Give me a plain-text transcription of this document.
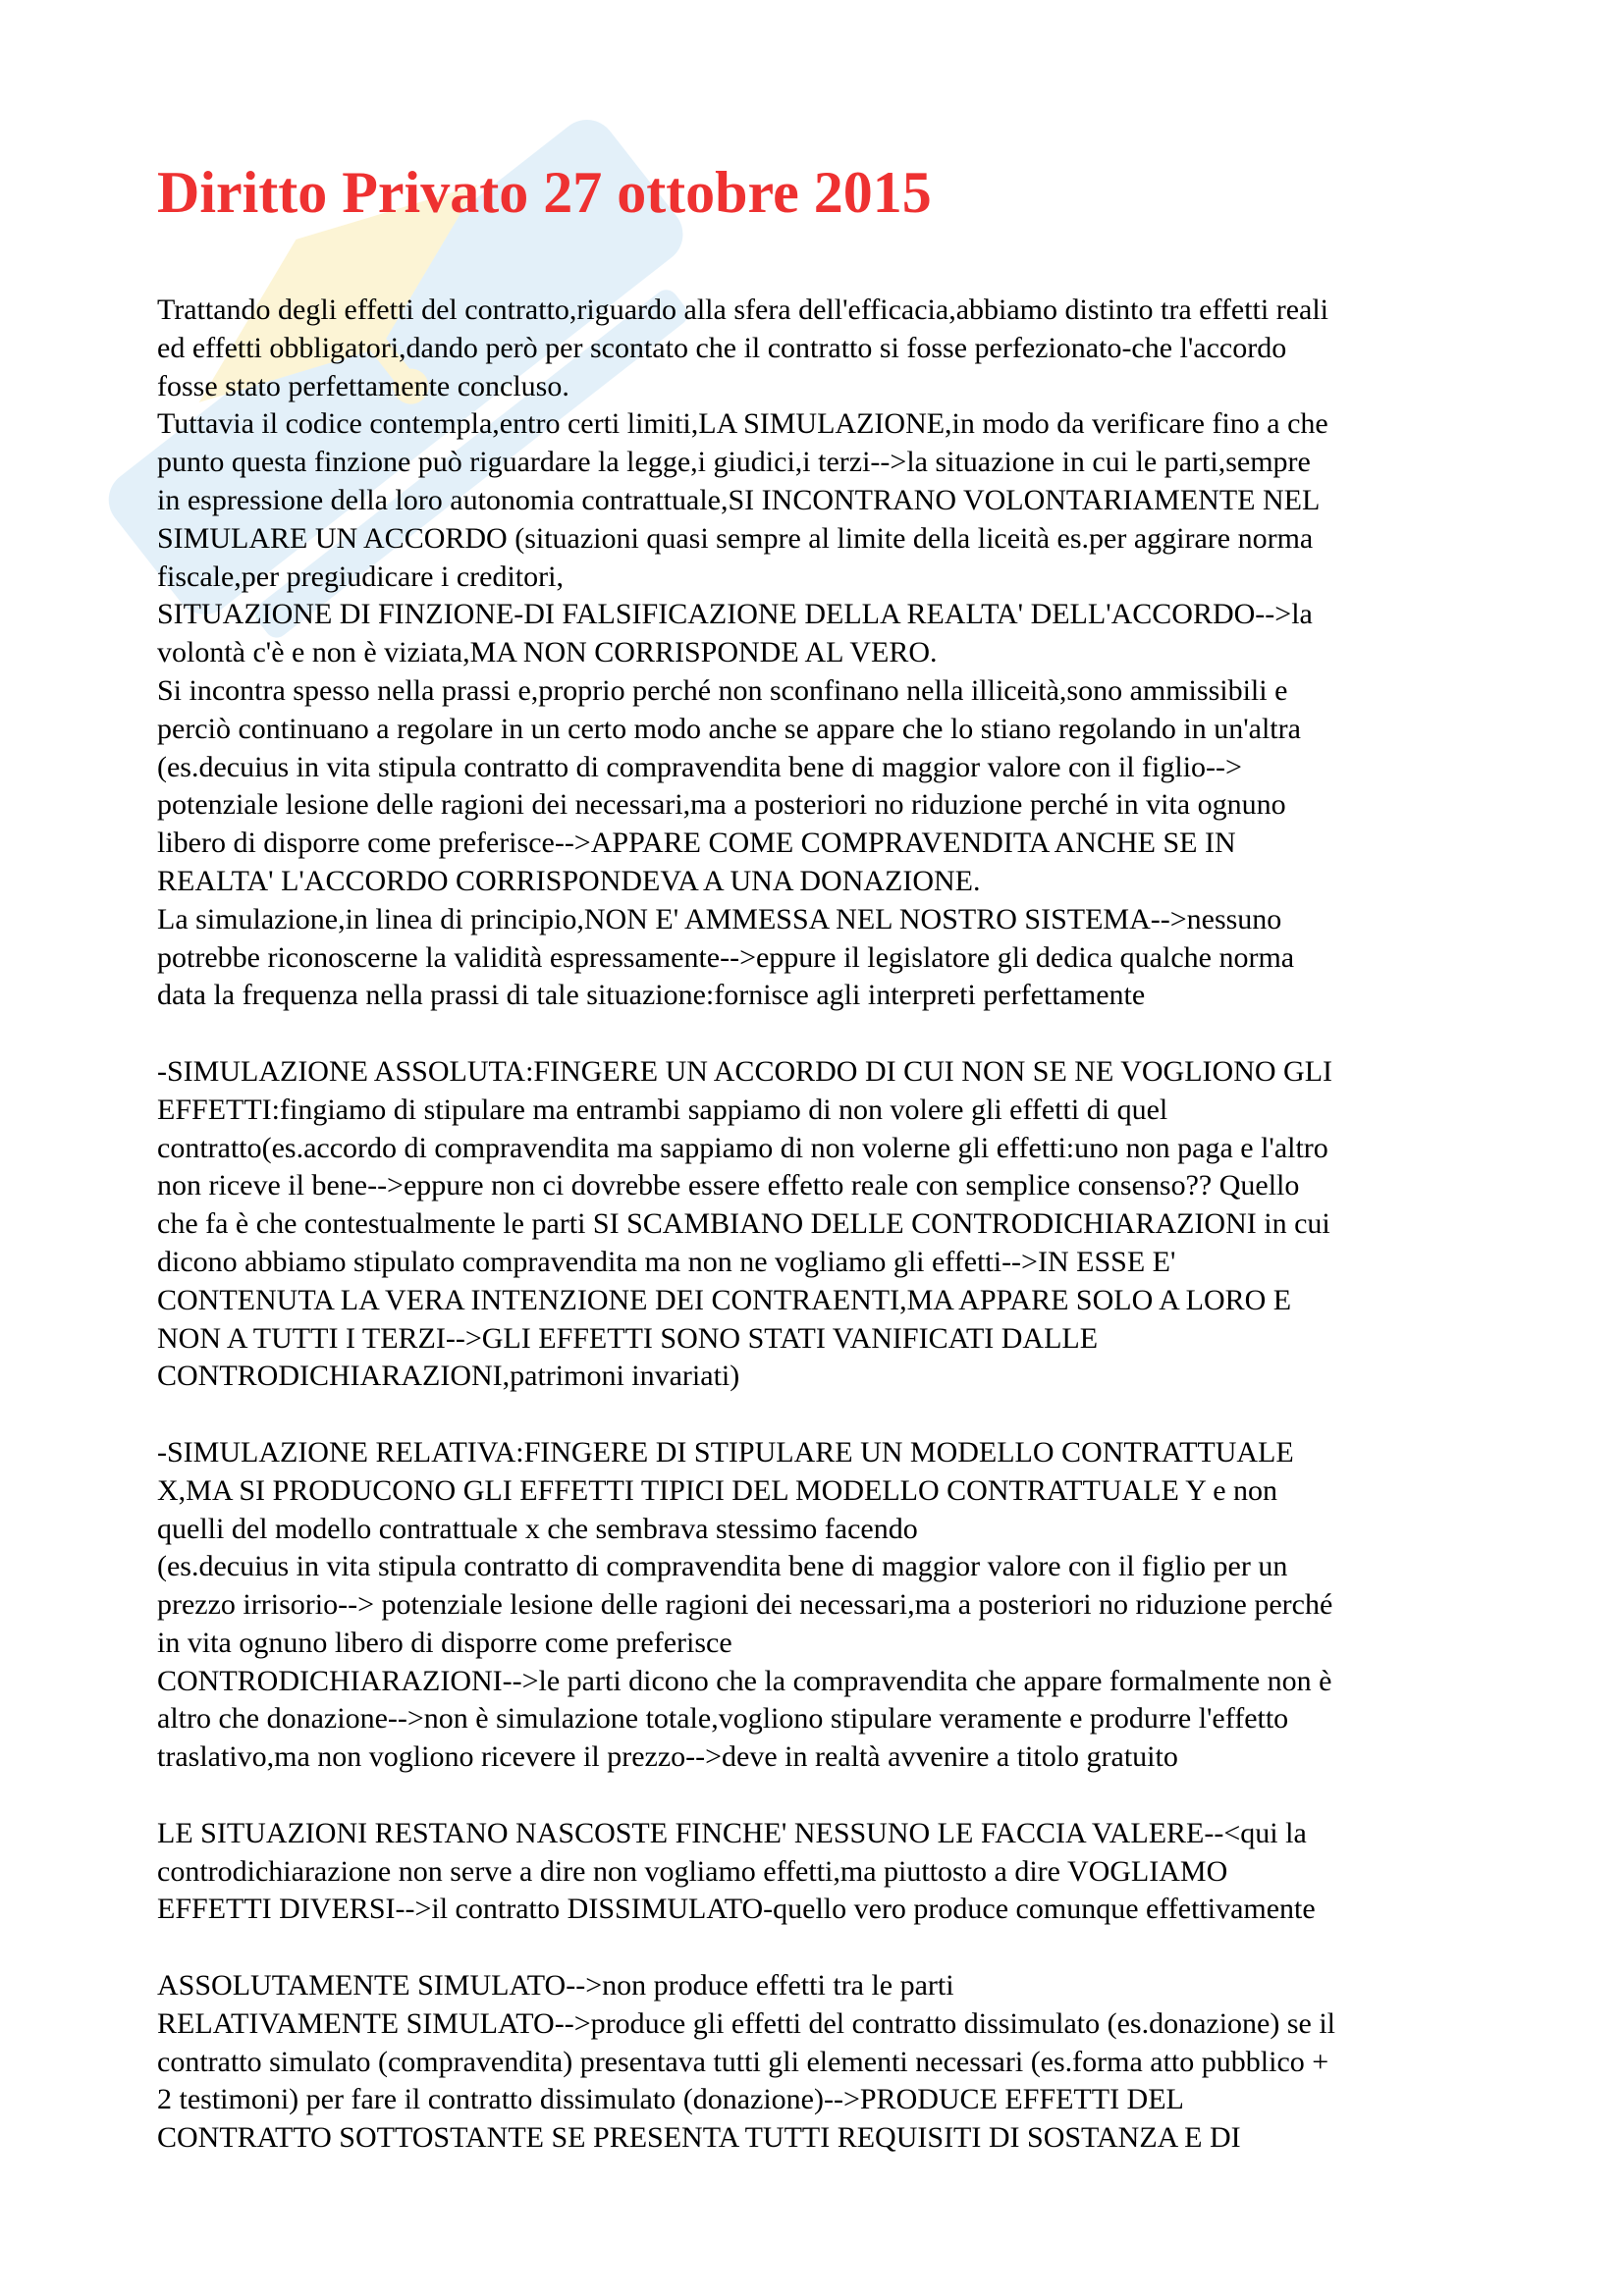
Diritto Privato 27 ottobre 2015
Trattando degli effetti del contratto,riguardo alla sfera dell'efficacia,abbiamo distinto tra effetti reali
ed effetti obbligatori,dando però per scontato che il contratto si fosse perfezionato-che l'accordo
fosse stato perfettamente concluso.
Tuttavia il codice contempla,entro certi limiti,LA SIMULAZIONE,in modo da verificare fino a che
punto questa finzione può riguardare la legge,i giudici,i terzi-->la situazione in cui le parti,sempre
in espressione della loro autonomia contrattuale,SI INCONTRANO VOLONTARIAMENTE NEL
SIMULARE UN ACCORDO (situazioni quasi sempre al limite della liceità es.per aggirare norma
fiscale,per pregiudicare i creditori,
SITUAZIONE DI FINZIONE-DI FALSIFICAZIONE DELLA REALTA' DELL'ACCORDO-->la
volontà c'è e non è viziata,MA NON CORRISPONDE AL VERO.
Si incontra spesso nella prassi e,proprio perché non sconfinano nella illiceità,sono ammissibili e
perciò continuano a regolare in un certo modo anche se appare che lo stiano regolando in un'altra
(es.decuius in vita stipula contratto di compravendita bene di maggior valore con il figlio-->
potenziale lesione delle ragioni dei necessari,ma a posteriori no riduzione perché in vita ognuno
libero di disporre come preferisce-->APPARE COME COMPRAVENDITA ANCHE SE IN
REALTA' L'ACCORDO CORRISPONDEVA A UNA DONAZIONE.
La simulazione,in linea di principio,NON E' AMMESSA NEL NOSTRO SISTEMA-->nessuno
potrebbe riconoscerne la validità espressamente-->eppure il legislatore gli dedica qualche norma
data la frequenza nella prassi di tale situazione:fornisce agli interpreti perfettamente
-SIMULAZIONE ASSOLUTA:FINGERE UN ACCORDO DI CUI NON SE NE VOGLIONO GLI
EFFETTI:fingiamo di stipulare ma entrambi sappiamo di non volere gli effetti di quel
contratto(es.accordo di compravendita ma sappiamo di non volerne gli effetti:uno non paga e l'altro
non riceve il bene-->eppure non ci dovrebbe essere effetto reale con semplice consenso?? Quello
che fa è che contestualmente le parti SI SCAMBIANO DELLE CONTRODICHIARAZIONI in cui
dicono abbiamo stipulato compravendita ma non ne vogliamo gli effetti-->IN ESSE E'
CONTENUTA LA VERA INTENZIONE DEI CONTRAENTI,MA APPARE SOLO A LORO E
NON A TUTTI I TERZI-->GLI EFFETTI SONO STATI VANIFICATI DALLE
CONTRODICHIARAZIONI,patrimoni invariati)
-SIMULAZIONE RELATIVA:FINGERE DI STIPULARE UN MODELLO CONTRATTUALE
X,MA SI PRODUCONO GLI EFFETTI TIPICI DEL MODELLO CONTRATTUALE Y e non
quelli del modello contrattuale x che sembrava stessimo facendo
(es.decuius in vita stipula contratto di compravendita bene di maggior valore con il figlio per un
prezzo irrisorio--> potenziale lesione delle ragioni dei necessari,ma a posteriori no riduzione perché
in vita ognuno libero di disporre come preferisce
CONTRODICHIARAZIONI-->le parti dicono che la compravendita che appare formalmente non è
altro che donazione-->non è simulazione totale,vogliono stipulare veramente e produrre l'effetto
traslativo,ma non vogliono ricevere il prezzo-->deve in realtà avvenire a titolo gratuito
LE SITUAZIONI RESTANO NASCOSTE FINCHE' NESSUNO LE FACCIA VALERE--<qui la
controdichiarazione non serve a dire non vogliamo effetti,ma piuttosto a dire VOGLIAMO
EFFETTI DIVERSI-->il contratto DISSIMULATO-quello vero produce comunque effettivamente
ASSOLUTAMENTE SIMULATO-->non produce effetti tra le parti
RELATIVAMENTE SIMULATO-->produce gli effetti del contratto dissimulato (es.donazione) se il
contratto simulato (compravendita) presentava tutti gli elementi necessari (es.forma atto pubblico +
2 testimoni) per fare il contratto dissimulato (donazione)-->PRODUCE EFFETTI DEL
CONTRATTO SOTTOSTANTE SE PRESENTA TUTTI REQUISITI DI SOSTANZA E DI
